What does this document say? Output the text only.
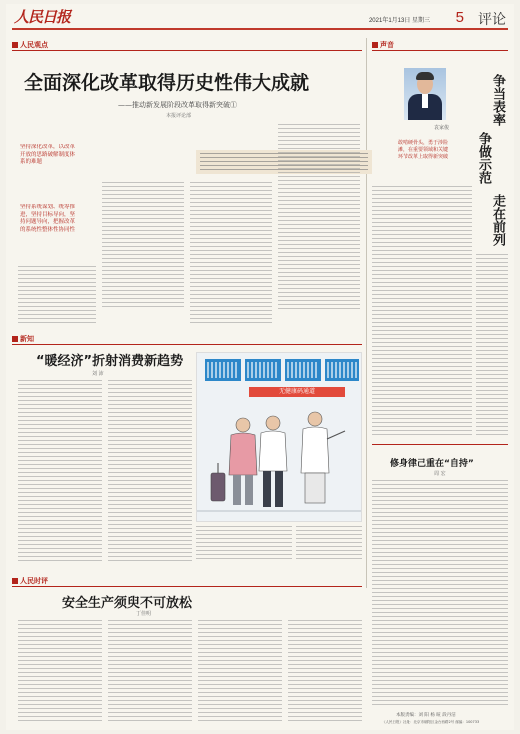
人民日报	2021年1月13日 星期三 5 评论
人民观点
全面深化改革取得历史性伟大成就
——推动新发展阶段改革取得新突破①
本报评论部
坚持深化改革，以改革开放的思路破解制度体系的难题
坚持系统谋划、统筹推进，坚持目标导向，坚持问题导向，把握改革的系统性整体性协同性
新知
“暖经济”折射消费新趋势
刘 沛
无健康码通道
人民时评
安全生产须臾不可放松
丁佳明
声音
袁家俊
争当表率
争做示范
走在前列
敢啃硬骨头，勇于涉险滩，在重要领域和关键环节改革上取得新突破
修身律己重在“自持”
周 宏
本版责编：刘 阳 杨 暄 段丹洁
《人民日报》社址：北京市朝阳区金台西路2号 邮编：100733
